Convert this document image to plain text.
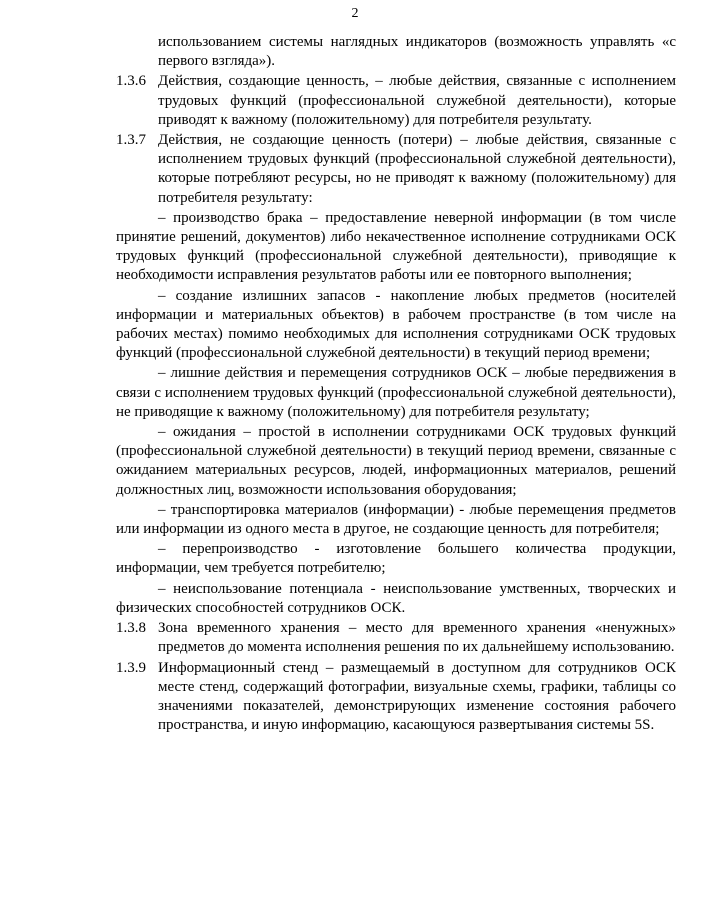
2
использованием системы наглядных индикаторов (возможность управлять «с первого взгляда»).
1.3.6 Действия, создающие ценность, – любые действия, связанные с исполнением трудовых функций (профессиональной служебной деятельности), которые приводят к важному (положительному) для потребителя результату.
1.3.7 Действия, не создающие ценность (потери) – любые действия, связанные с исполнением трудовых функций (профессиональной служебной деятельности), которые потребляют ресурсы, но не приводят к важному (положительному) для потребителя результату:
– производство брака – предоставление неверной информации (в том числе принятие решений, документов) либо некачественное исполнение сотрудниками ОСК трудовых функций (профессиональной служебной деятельности), приводящие к необходимости исправления результатов работы или ее повторного выполнения;
– создание излишних запасов - накопление любых предметов (носителей информации и материальных объектов) в рабочем пространстве (в том числе на рабочих местах) помимо необходимых для исполнения сотрудниками ОСК трудовых функций (профессиональной служебной деятельности) в текущий период времени;
– лишние действия и перемещения сотрудников ОСК – любые передвижения в связи с исполнением трудовых функций (профессиональной служебной деятельности), не приводящие к важному (положительному) для потребителя результату;
– ожидания – простой в исполнении сотрудниками ОСК трудовых функций (профессиональной служебной деятельности) в текущий период времени, связанные с ожиданием материальных ресурсов, людей, информационных материалов, решений должностных лиц, возможности использования оборудования;
– транспортировка материалов (информации) - любые перемещения предметов или информации из одного места в другое, не создающие ценность для потребителя;
– перепроизводство - изготовление большего количества продукции, информации, чем требуется потребителю;
– неиспользование потенциала - неиспользование умственных, творческих и физических способностей сотрудников ОСК.
1.3.8 Зона временного хранения – место для временного хранения «ненужных» предметов до момента исполнения решения по их дальнейшему использованию.
1.3.9 Информационный стенд – размещаемый в доступном для сотрудников ОСК месте стенд, содержащий фотографии, визуальные схемы, графики, таблицы со значениями показателей, демонстрирующих изменение состояния рабочего пространства, и иную информацию, касающуюся развертывания системы 5S.
